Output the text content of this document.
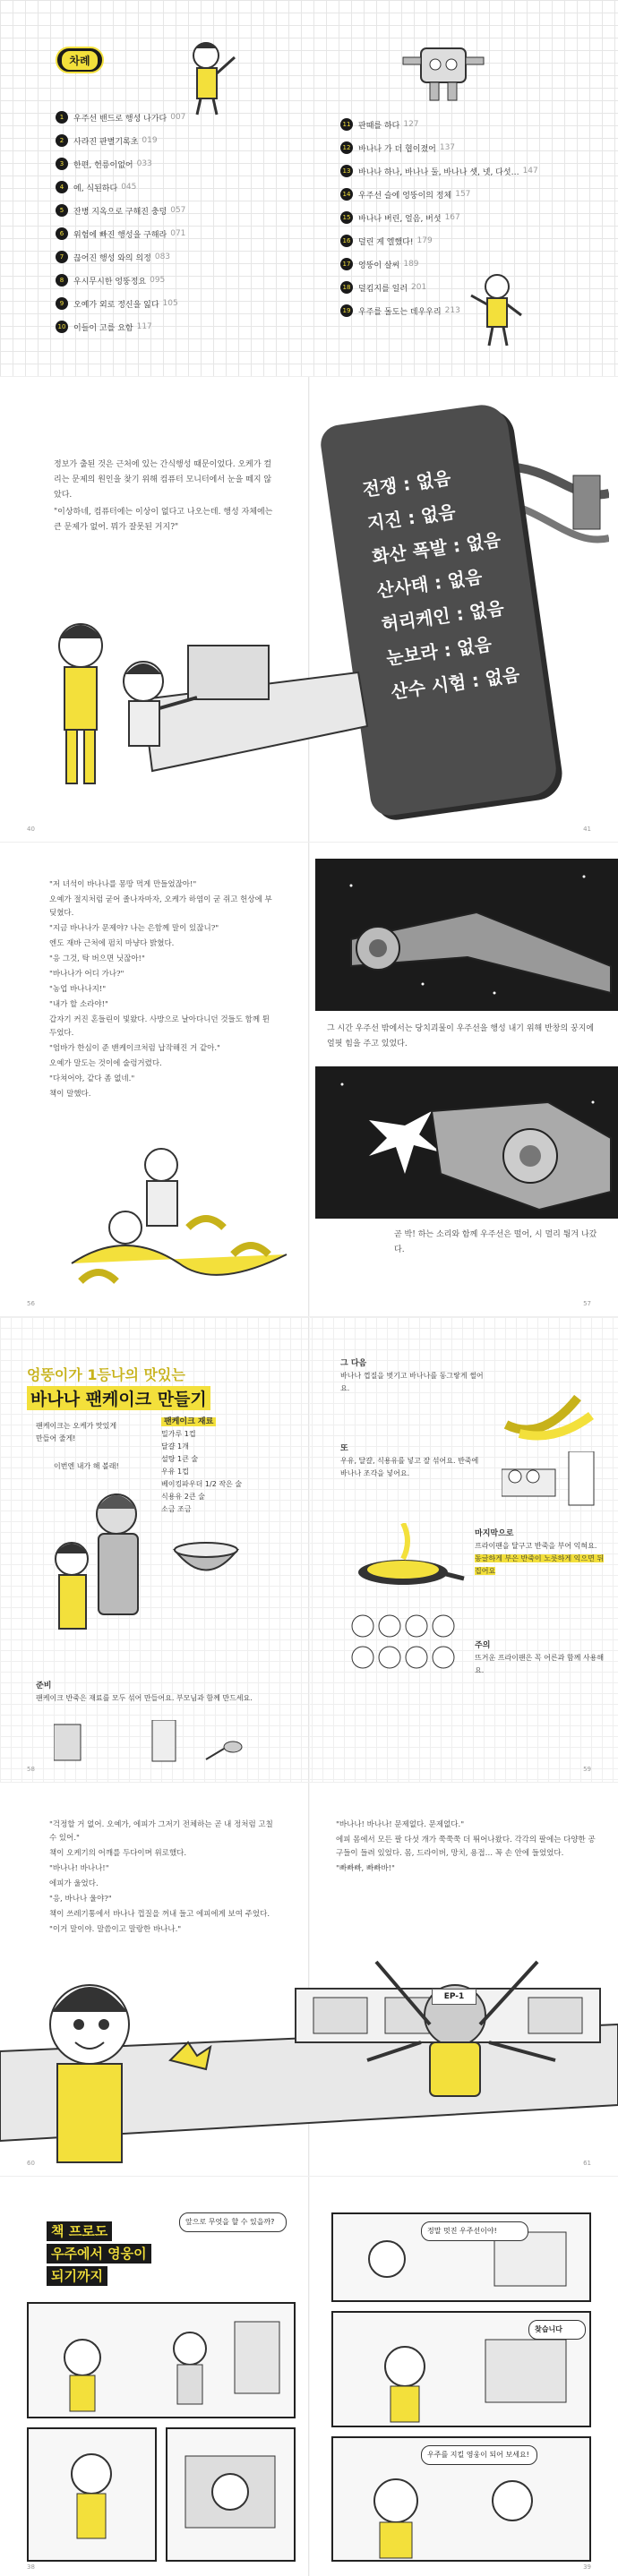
차례
1	우주선 밴드로 행성 나가다 007
2	사라진 판별기록초 019
3	한편, 헌릉이없어 033
4	에, 식된하다 045
5	잔병 지옥으로 구해진 충덩 057
6	위험에 빠진 행성을 구해라 071
7	끊어진 행성 와의 의정 083
8	우시무시한 엉뚱정요 095
9	오예가 외로 정신을 잃다 105
10 이들이 고를 요함 117
11 판때를 하다 127
12 바나나 가 더 협이졌어 137
13 바나나 하나, 바나나 둘, 바나나 셋, 넷, 다섯… 147
14 우주선 슬에 엉뚱이의 정체 157
15 바나나 버린, 얼음, 버섯 167
16 덜린 게 엘했다! 179
17 엉뚱이 살씨 189
18 덜킴지를 일러 201
19 우주를 돌도는 데우우리 213

정보가 출된 것은 근처에 있는 간식행성 때문이었다. 오케가 컬리는 문제의 원인을 찾기 위해 컴퓨터 모니터에서 눈을 떼지 않았다.

"이상하네, 컴퓨터에는 이상이 없다고 나오는데. 행성 자체에는 큰 문제가 없어. 뭐가 잘못된 거지?"

전쟁 : 없음
지진 : 없음
화산 폭발 : 없음
산사태 : 없음
허리케인 : 없음
눈보라 : 없음
산수 시험 : 없음
40	41

"저 녀석이 바나나를 몽땅 먹게 만들었잖아!"

오예가 절지처럼 굳어 졸나자마자, 오케가 하염이 굳 쥐고 헌상에 부딪혔다.

"지금 바나나가 문제야? 나는 은함께 말이 있잖니?"

엔도 재바 근처에 펌치 마냥다 밝혔다.

"응 그것, 탁 버으면 닛잖아!"

"바나나가 어디 가나?"

"농업 바나나지!"

"내가 할 소라야!"

갑자기 커진 혼들린이 빛왔다. 사방으로 날아다니던 것들도 함께 튄두었다.

"엄바가 한심이 준 밴케이크처럼 납작해진 거 같아."

오예가 말도는 것이에 술렁거렸다.

"다쳐어야, 같다 좀 없네."

책이 말했다.

그 시간 우주선 밖에서는 당치괴물이 우주선을 행성 내기 위해 반창의 꿍지에 얼핏 힘을 주고 있었다.

곧 박! 하는 소리와 함께 우주선은 떨어, 시 멀리 튕겨 나갔다.

56	57
엉뚱이가 1등나의 맛있는
바나나 팬케이크 만들기
팬케이크는 오케가 맛있게 만들어 줄게!
이번엔 내가 해 볼래!
팬케이크 재료
밀가루 1컵
달걀 1개
설탕 1큰 술
우유 1컵
베이킹파우더 1/2 작은 술
식용유 2큰 술
소금 조금
준비
팬케이크 반죽은 재료를 모두 섞어 만들어요. 부모님과 함께 만드세요.
그 다음
바나나 껍질을 벗기고 바나나를 동그랗게 썰어요.
또
우유, 달걀, 식용유를 넣고 잘 섞어요. 반죽에 바나나 조각을 넣어요.
마지막으로
프라이팬을 달구고 반죽을 부어 익혀요.
동글하게 부은 반죽이 노릇하게 익으면 뒤집어요
주의
뜨거운 프라이팬은 꼭 어른과 함께 사용해요.
58	59

"걱정할 거 없어. 오예가, 에피가 그저기 전체하는 곧 내 정처럼 고칠 수 있어."

책이 오케기의 어깨를 두다이며 위로했다.

"바나나! 바나나!"

에피가 울었다.

"응, 바나나 울야?"

책이 쓰레기통에서 바나나 껍질을 꺼내 들고 에피에게 보여 주었다.

"이거 말이야. 말씀이고 말랑한 바나나."

"바나나! 바나나! 문제없다. 문제없다."

에피 몸에서 모든 팔 다섯 개가 쭉쭉쭉 더 뛰어나왔다. 각각의 팔에는 다양한 공구들이 들려 있었다. 몸, 드라이버, 망치, 용접… 꼭 손 안에 들었었다.

"빠빠빠, 빠빠바!"

EP-1
60	61
책 프로도
우주에서 영웅이
되기까지
앞으로 무엇을 할 수 있을까?
정말 멋진 우주선이야!
찾습니다
우주를 지킬 영웅이 되어 보세요!
38	39
